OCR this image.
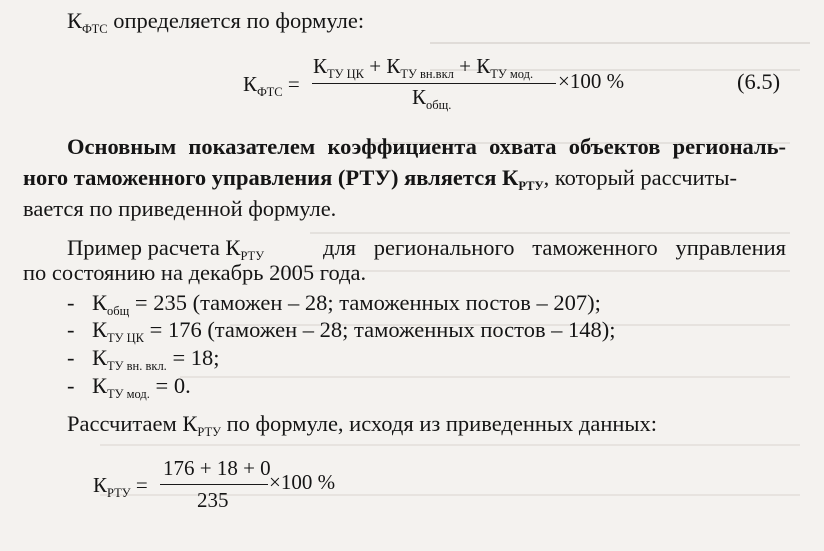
$К_{ФТС}$ определяется по формуле:
$К_{ФТС}$ =
$К_{ТУ ЦК} + К_{ТУ вн.вкл} + К_{ТУ мод.}$
$К_{общ.}$
×100 %	(6.5)
Основным показателем коэффициента охвата объектов региональ-
ного таможенного управления (РТУ) является $К_{РТУ}$, который рассчиты-
вается по приведенной формуле.
Пример расчета $К_{РТУ}$	для регионального таможенного управления
по состоянию на декабрь 2005 года.
- $К_{общ} = 235$ (таможен – 28; таможенных постов – 207);
- $К_{ТУ ЦК} = 176$ (таможен – 28; таможенных постов – 148);
- $К_{ТУ вн. вкл.} = 18$;
- $К_{ТУ мод.} = 0$.
Рассчитаем $К_{РТУ}$ по формуле, исходя из приведенных данных:
$К_{РТУ}$ =
176 + 18 + 0
235
×100 %
